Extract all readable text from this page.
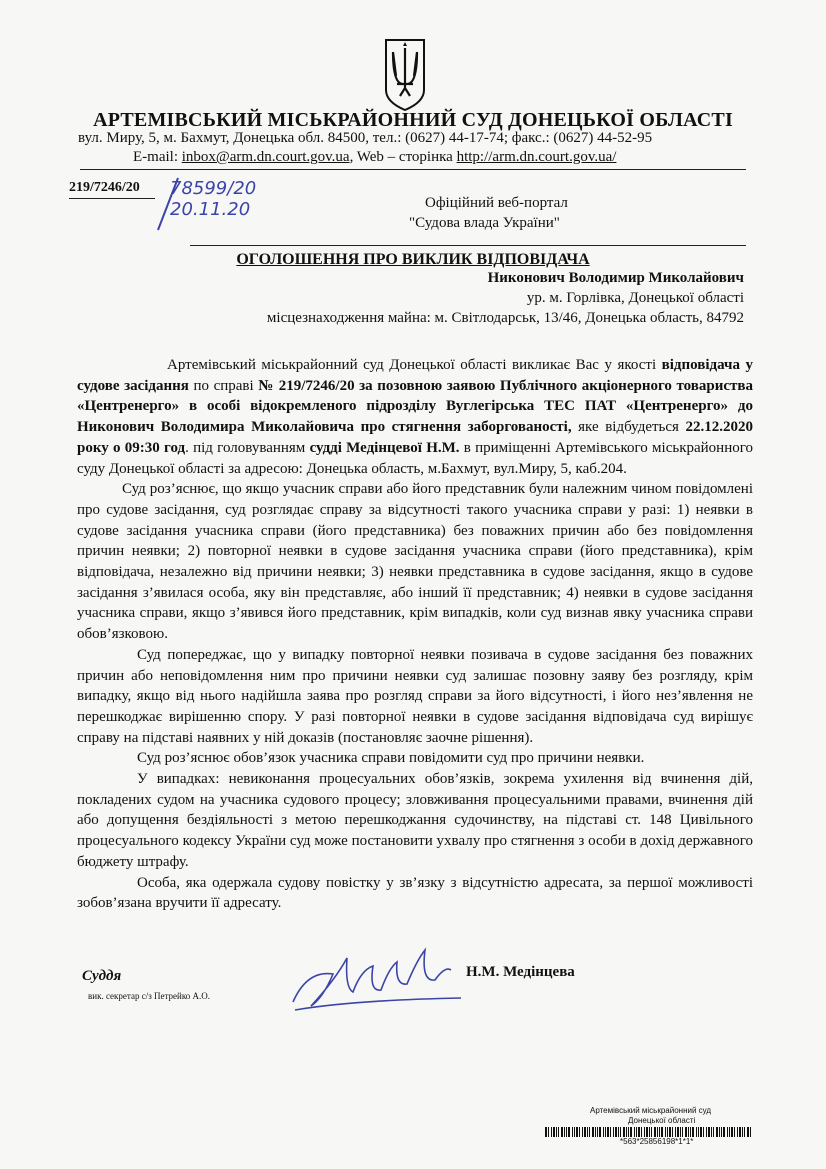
АРТЕМІВСЬКИЙ МІСЬКРАЙОННИЙ СУД ДОНЕЦЬКОЇ ОБЛАСТІ
вул. Миру, 5, м. Бахмут, Донецька обл. 84500, тел.: (0627) 44-17-74; факс.: (0627) 44-52-95
E-mail: inbox@arm.dn.court.gov.ua, Web – сторінка http://arm.dn.court.gov.ua/
219/7246/20 78599/20
20.11.20	Офіційний веб-портал
"Судова влада України"
ОГОЛОШЕННЯ ПРО ВИКЛИК ВІДПОВІДАЧА
Никонович Володимир Миколайович
ур. м. Горлівка, Донецької області
місцезнаходження майна: м. Світлодарськ, 13/46, Донецька область, 84792

Артемівський міськрайонний суд Донецької області викликає Вас у якості відповідача у судове засідання по справі № 219/7246/20 за позовною заявою Публічного акціонерного товариства «Центренерго» в особі відокремленого підрозділу Вуглегірська ТЕС ПАТ «Центренерго» до Никонович Володимира Миколайовича про стягнення заборгованості, яке відбудеться 22.12.2020 року о 09:30 год. під головуванням судді Медінцевої Н.М. в приміщенні Артемівського міськрайонного суду Донецької області за адресою: Донецька область, м.Бахмут, вул.Миру, 5, каб.204.

Суд роз’яснює, що якщо учасник справи або його представник були належним чином повідомлені про судове засідання, суд розглядає справу за відсутності такого учасника справи у разі: 1) неявки в судове засідання учасника справи (його представника) без поважних причин або без повідомлення причин неявки; 2) повторної неявки в судове засідання учасника справи (його представника), крім відповідача, незалежно від причини неявки; 3) неявки представника в судове засідання, якщо в судове засідання з’явилася особа, яку він представляє, або інший її представник; 4) неявки в судове засідання учасника справи, якщо з’явився його представник, крім випадків, коли суд визнав явку учасника справи обов’язковою.

Суд попереджає, що у випадку повторної неявки позивача в судове засідання без поважних причин або неповідомлення ним про причини неявки суд залишає позовну заяву без розгляду, крім випадку, якщо від нього надійшла заява про розгляд справи за його відсутності, і його нез’явлення не перешкоджає вирішенню спору. У разі повторної неявки в судове засідання відповідача суд вирішує справу на підставі наявних у ній доказів (постановляє заочне рішення).

Суд роз’яснює обов’язок учасника справи повідомити суд про причини неявки.

У випадках: невиконання процесуальних обов’язків, зокрема ухилення від вчинення дій, покладених судом на учасника судового процесу; зловживання процесуальними правами, вчинення дій або допущення бездіяльності з метою перешкоджання судочинству, на підставі ст. 148 Цивільного процесуального кодексу України суд може постановити ухвалу про стягнення з особи в дохід державного бюджету штрафу.

Особа, яка одержала судову повістку у зв’язку з відсутністю адресата, за першої можливості зобов’язана вручити її адресату.

Суддя
вик. секретар с/з Петрейко А.О.
Н.М. Медінцева
Артемівський міськрайонний суд
Донецької області
*563*25856198*1*1*
